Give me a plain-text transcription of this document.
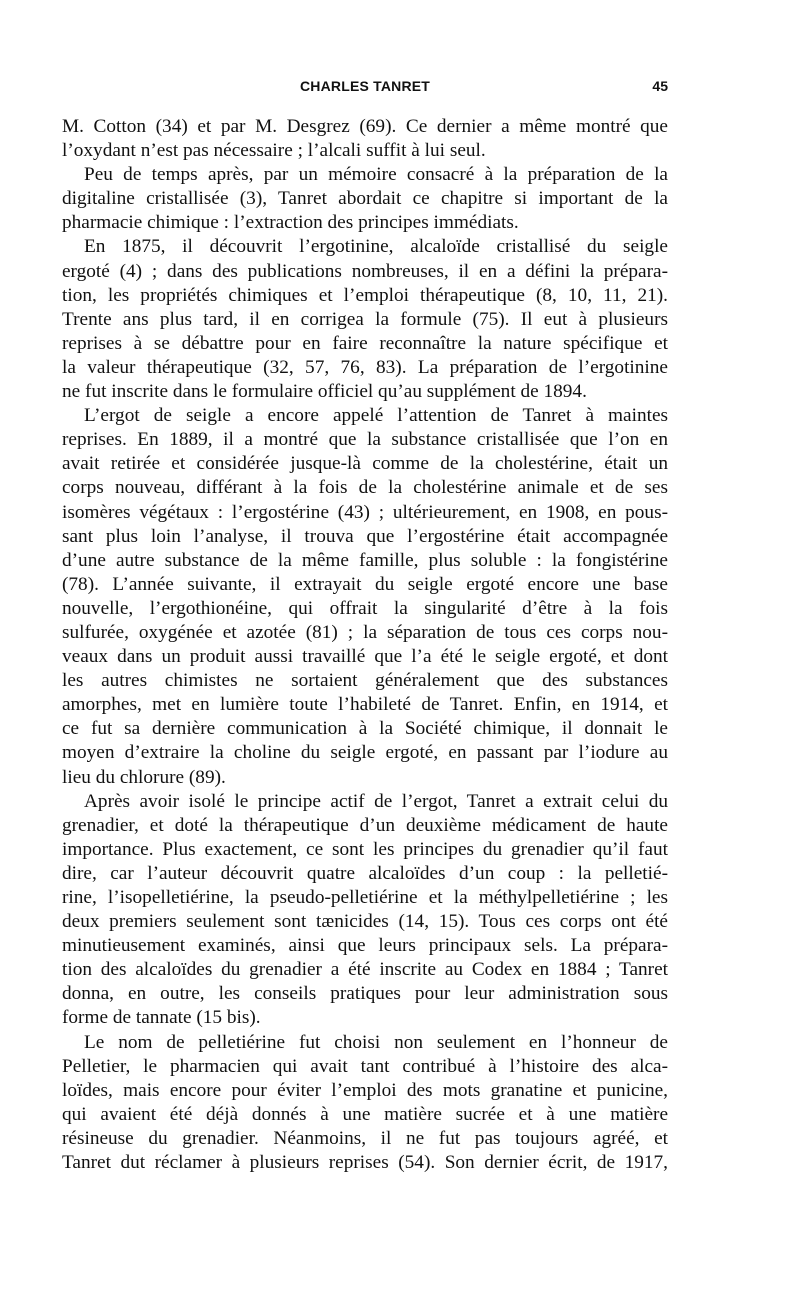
CHARLES TANRET	45
M. Cotton (34) et par M. Desgrez (69). Ce dernier a même montré que
l’oxydant n’est pas nécessaire ; l’alcali suffit à lui seul.
Peu de temps après, par un mémoire consacré à la préparation de la
digitaline cristallisée (3), Tanret abordait ce chapitre si important de la
pharmacie chimique : l’extraction des principes immédiats.
En 1875, il découvrit l’ergotinine, alcaloïde cristallisé du seigle
ergoté (4) ; dans des publications nombreuses, il en a défini la prépara-
tion, les propriétés chimiques et l’emploi thérapeutique (8, 10, 11, 21).
Trente ans plus tard, il en corrigea la formule (75). Il eut à plusieurs
reprises à se débattre pour en faire reconnaître la nature spécifique et
la valeur thérapeutique (32, 57, 76, 83). La préparation de l’ergotinine
ne fut inscrite dans le formulaire officiel qu’au supplément de 1894.
L’ergot de seigle a encore appelé l’attention de Tanret à maintes
reprises. En 1889, il a montré que la substance cristallisée que l’on en
avait retirée et considérée jusque-là comme de la cholestérine, était un
corps nouveau, différant à la fois de la cholestérine animale et de ses
isomères végétaux : l’ergostérine (43) ; ultérieurement, en 1908, en pous-
sant plus loin l’analyse, il trouva que l’ergostérine était accompagnée
d’une autre substance de la même famille, plus soluble : la fongistérine
(78). L’année suivante, il extrayait du seigle ergoté encore une base
nouvelle, l’ergothionéine, qui offrait la singularité d’être à la fois
sulfurée, oxygénée et azotée (81) ; la séparation de tous ces corps nou-
veaux dans un produit aussi travaillé que l’a été le seigle ergoté, et dont
les autres chimistes ne sortaient généralement que des substances
amorphes, met en lumière toute l’habileté de Tanret. Enfin, en 1914, et
ce fut sa dernière communication à la Société chimique, il donnait le
moyen d’extraire la choline du seigle ergoté, en passant par l’iodure au
lieu du chlorure (89).
Après avoir isolé le principe actif de l’ergot, Tanret a extrait celui du
grenadier, et doté la thérapeutique d’un deuxième médicament de haute
importance. Plus exactement, ce sont les principes du grenadier qu’il faut
dire, car l’auteur découvrit quatre alcaloïdes d’un coup : la pelletié-
rine, l’isopelletiérine, la pseudo-pelletiérine et la méthylpelletiérine ; les
deux premiers seulement sont tænicides (14, 15). Tous ces corps ont été
minutieusement examinés, ainsi que leurs principaux sels. La prépara-
tion des alcaloïdes du grenadier a été inscrite au Codex en 1884 ; Tanret
donna, en outre, les conseils pratiques pour leur administration sous
forme de tannate (15 bis).
Le nom de pelletiérine fut choisi non seulement en l’honneur de
Pelletier, le pharmacien qui avait tant contribué à l’histoire des alca-
loïdes, mais encore pour éviter l’emploi des mots granatine et punicine,
qui avaient été déjà donnés à une matière sucrée et à une matière
résineuse du grenadier. Néanmoins, il ne fut pas toujours agréé, et
Tanret dut réclamer à plusieurs reprises (54). Son dernier écrit, de 1917,
